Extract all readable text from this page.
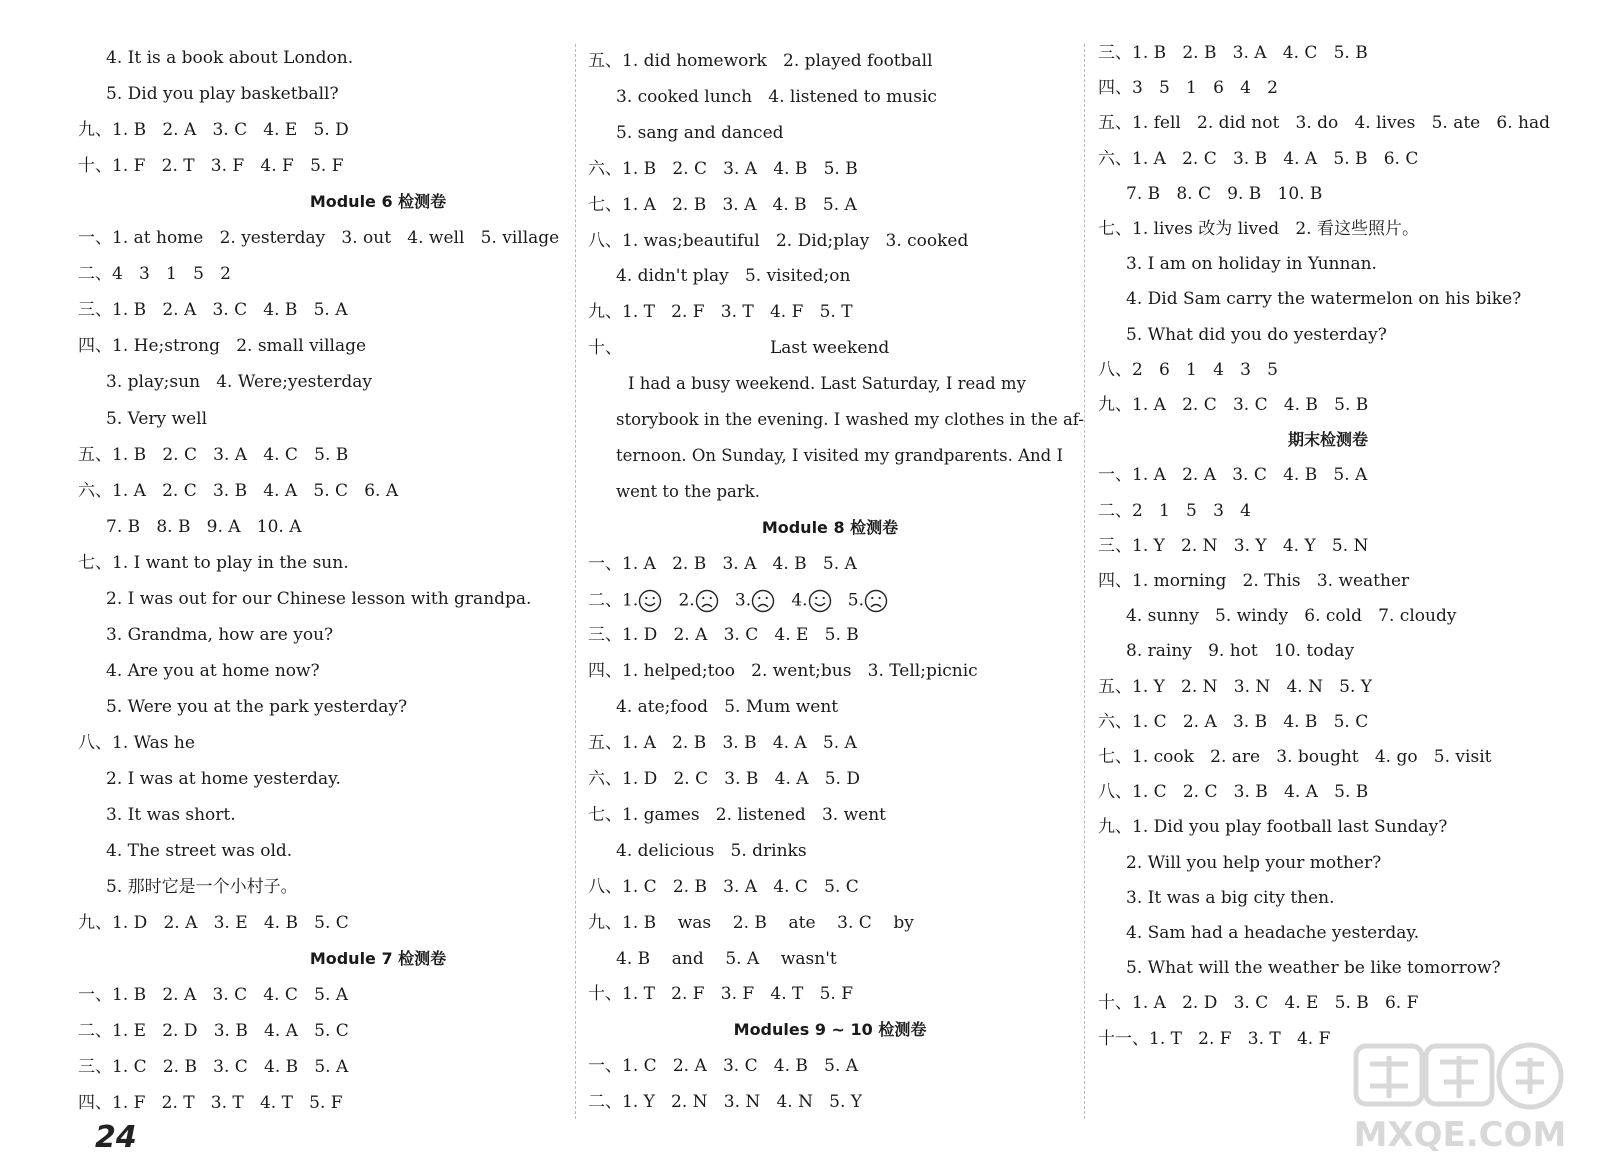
4. It is a book about London.
5. Did you play basketball?
九、1. B   2. A   3. C   4. E   5. D
十、1. F   2. T   3. F   4. F   5. F
Module 6 检测卷
一、1. at home   2. yesterday   3. out   4. well   5. village
二、4   3   1   5   2
三、1. B   2. A   3. C   4. B   5. A
四、1. He;strong   2. small village
3. play;sun   4. Were;yesterday
5. Very well
五、1. B   2. C   3. A   4. C   5. B
六、1. A   2. C   3. B   4. A   5. C   6. A
7. B   8. B   9. A   10. A
七、1. I want to play in the sun.
2. I was out for our Chinese lesson with grandpa.
3. Grandma, how are you?
4. Are you at home now?
5. Were you at the park yesterday?
八、1. Was he
2. I was at home yesterday.
3. It was short.
4. The street was old.
5. 那时它是一个小村子。
九、1. D   2. A   3. E   4. B   5. C
Module 7 检测卷
一、1. B   2. A   3. C   4. C   5. A
二、1. E   2. D   3. B   4. A   5. C
三、1. C   2. B   3. C   4. B   5. A
四、1. F   2. T   3. T   4. T   5. F
五、1. did homework   2. played football
3. cooked lunch   4. listened to music
5. sang and danced
六、1. B   2. C   3. A   4. B   5. B
七、1. A   2. B   3. A   4. B   5. A
八、1. was;beautiful   2. Did;play   3. cooked
4. didn't play   5. visited;on
九、1. T   2. F   3. T   4. F   5. T
十、	Last weekend
I had a busy weekend. Last Saturday, I read my
storybook in the evening. I washed my clothes in the af-
ternoon. On Sunday, I visited my grandparents. And I
went to the park.
Module 8 检测卷
一、1. A   2. B   3. A   4. B   5. A
二、1.   2.   3.   4.   5.
三、1. D   2. A   3. C   4. E   5. B
四、1. helped;too   2. went;bus   3. Tell;picnic
4. ate;food   5. Mum went
五、1. A   2. B   3. B   4. A   5. A
六、1. D   2. C   3. B   4. A   5. D
七、1. games   2. listened   3. went
4. delicious   5. drinks
八、1. C   2. B   3. A   4. C   5. C
九、1. B    was    2. B    ate    3. C    by
4. B    and    5. A    wasn't
十、1. T   2. F   3. F   4. T   5. F
Modules 9 ~ 10 检测卷
一、1. C   2. A   3. C   4. B   5. A
二、1. Y   2. N   3. N   4. N   5. Y
三、1. B   2. B   3. A   4. C   5. B
四、3   5   1   6   4   2
五、1. fell   2. did not   3. do   4. lives   5. ate   6. had
六、1. A   2. C   3. B   4. A   5. B   6. C
7. B   8. C   9. B   10. B
七、1. lives 改为 lived   2. 看这些照片。
3. I am on holiday in Yunnan.
4. Did Sam carry the watermelon on his bike?
5. What did you do yesterday?
八、2   6   1   4   3   5
九、1. A   2. C   3. C   4. B   5. B
期末检测卷
一、1. A   2. A   3. C   4. B   5. A
二、2   1   5   3   4
三、1. Y   2. N   3. Y   4. Y   5. N
四、1. morning   2. This   3. weather
4. sunny   5. windy   6. cold   7. cloudy
8. rainy   9. hot   10. today
五、1. Y   2. N   3. N   4. N   5. Y
六、1. C   2. A   3. B   4. B   5. C
七、1. cook   2. are   3. bought   4. go   5. visit
八、1. C   2. C   3. B   4. A   5. B
九、1. Did you play football last Sunday?
2. Will you help your mother?
3. It was a big city then.
4. Sam had a headache yesterday.
5. What will the weather be like tomorrow?
十、1. A   2. D   3. C   4. E   5. B   6. F
十一、1. T   2. F   3. T   4. F
24	MXQE.COM
